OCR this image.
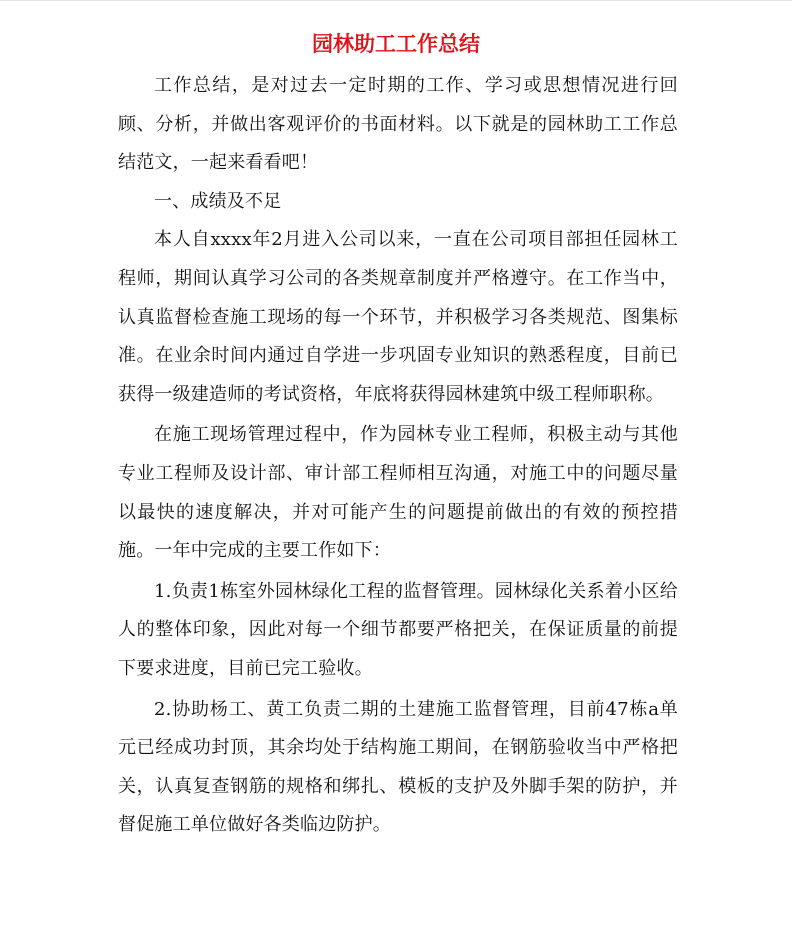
园林助工工作总结

工作总结，是对过去一定时期的工作、学习或思想情况进行回顾、分析，并做出客观评价的书面材料。以下就是的园林助工工作总结范文，一起来看看吧！

一、成绩及不足

本人自xxxx年2月进入公司以来，一直在公司项目部担任园林工程师，期间认真学习公司的各类规章制度并严格遵守。在工作当中，认真监督检查施工现场的每一个环节，并积极学习各类规范、图集标准。在业余时间内通过自学进一步巩固专业知识的熟悉程度，目前已获得一级建造师的考试资格，年底将获得园林建筑中级工程师职称。

在施工现场管理过程中，作为园林专业工程师，积极主动与其他专业工程师及设计部、审计部工程师相互沟通，对施工中的问题尽量以最快的速度解决，并对可能产生的问题提前做出的有效的预控措施。一年中完成的主要工作如下：

1.负责1栋室外园林绿化工程的监督管理。园林绿化关系着小区给人的整体印象，因此对每一个细节都要严格把关，在保证质量的前提下要求进度，目前已完工验收。

2.协助杨工、黄工负责二期的土建施工监督管理，目前47栋a单元已经成功封顶，其余均处于结构施工期间，在钢筋验收当中严格把关，认真复查钢筋的规格和绑扎、模板的支护及外脚手架的防护，并督促施工单位做好各类临边防护。
